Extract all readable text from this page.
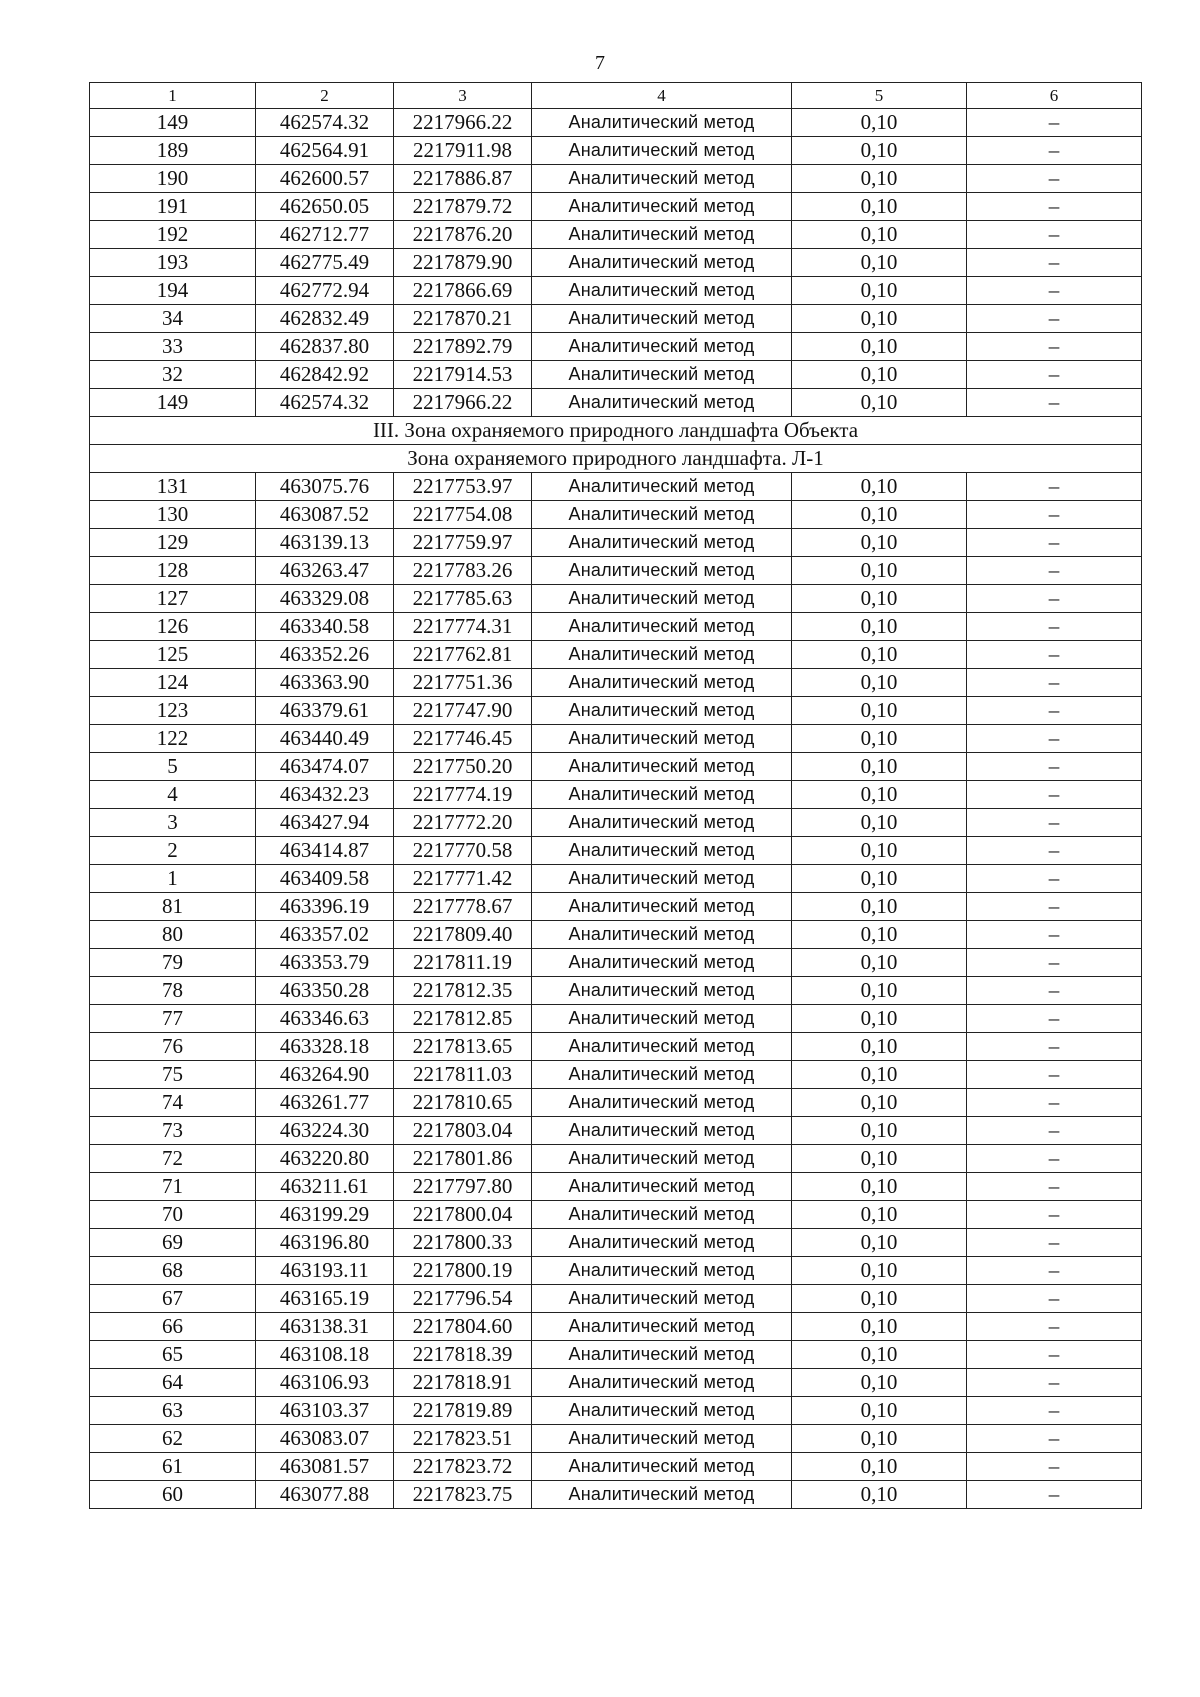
7
1	2	3	4	5	6
149	462574.32	2217966.22	Аналитический метод	0,10	–
189	462564.91	2217911.98	Аналитический метод	0,10	–
190	462600.57	2217886.87	Аналитический метод	0,10	–
191	462650.05	2217879.72	Аналитический метод	0,10	–
192	462712.77	2217876.20	Аналитический метод	0,10	–
193	462775.49	2217879.90	Аналитический метод	0,10	–
194	462772.94	2217866.69	Аналитический метод	0,10	–
34	462832.49	2217870.21	Аналитический метод	0,10	–
33	462837.80	2217892.79	Аналитический метод	0,10	–
32	462842.92	2217914.53	Аналитический метод	0,10	–
149	462574.32	2217966.22	Аналитический метод	0,10	–
III. Зона охраняемого природного ландшафта Объекта					
Зона охраняемого природного ландшафта. Л-1					
131	463075.76	2217753.97	Аналитический метод	0,10	–
130	463087.52	2217754.08	Аналитический метод	0,10	–
129	463139.13	2217759.97	Аналитический метод	0,10	–
128	463263.47	2217783.26	Аналитический метод	0,10	–
127	463329.08	2217785.63	Аналитический метод	0,10	–
126	463340.58	2217774.31	Аналитический метод	0,10	–
125	463352.26	2217762.81	Аналитический метод	0,10	–
124	463363.90	2217751.36	Аналитический метод	0,10	–
123	463379.61	2217747.90	Аналитический метод	0,10	–
122	463440.49	2217746.45	Аналитический метод	0,10	–
5	463474.07	2217750.20	Аналитический метод	0,10	–
4	463432.23	2217774.19	Аналитический метод	0,10	–
3	463427.94	2217772.20	Аналитический метод	0,10	–
2	463414.87	2217770.58	Аналитический метод	0,10	–
1	463409.58	2217771.42	Аналитический метод	0,10	–
81	463396.19	2217778.67	Аналитический метод	0,10	–
80	463357.02	2217809.40	Аналитический метод	0,10	–
79	463353.79	2217811.19	Аналитический метод	0,10	–
78	463350.28	2217812.35	Аналитический метод	0,10	–
77	463346.63	2217812.85	Аналитический метод	0,10	–
76	463328.18	2217813.65	Аналитический метод	0,10	–
75	463264.90	2217811.03	Аналитический метод	0,10	–
74	463261.77	2217810.65	Аналитический метод	0,10	–
73	463224.30	2217803.04	Аналитический метод	0,10	–
72	463220.80	2217801.86	Аналитический метод	0,10	–
71	463211.61	2217797.80	Аналитический метод	0,10	–
70	463199.29	2217800.04	Аналитический метод	0,10	–
69	463196.80	2217800.33	Аналитический метод	0,10	–
68	463193.11	2217800.19	Аналитический метод	0,10	–
67	463165.19	2217796.54	Аналитический метод	0,10	–
66	463138.31	2217804.60	Аналитический метод	0,10	–
65	463108.18	2217818.39	Аналитический метод	0,10	–
64	463106.93	2217818.91	Аналитический метод	0,10	–
63	463103.37	2217819.89	Аналитический метод	0,10	–
62	463083.07	2217823.51	Аналитический метод	0,10	–
61	463081.57	2217823.72	Аналитический метод	0,10	–
60	463077.88	2217823.75	Аналитический метод	0,10	–
